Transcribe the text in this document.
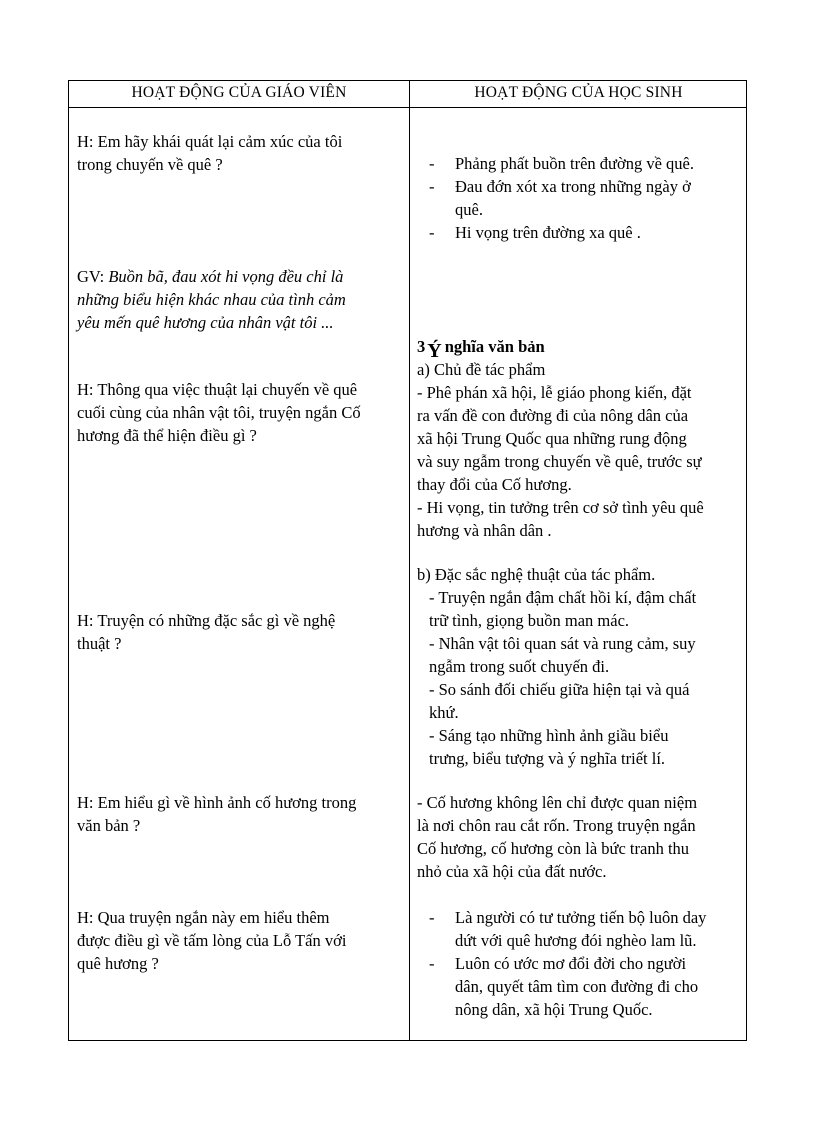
HOẠT ĐỘNG CỦA GIÁO VIÊN	HOẠT ĐỘNG CỦA HỌC SINH
H: Em hãy khái quát lại cảm xúc của tôi
trong chuyến về quê ?
GV: Buồn bã, đau xót hi vọng đều chỉ là
những biểu hiện khác nhau của tình cảm
yêu mến quê hương của nhân vật tôi ...
H: Thông qua việc thuật lại chuyến về quê
cuối cùng của nhân vật tôi, truyện ngắn Cố
hương đã thể hiện điều gì ?
H: Truyện có những đặc sắc gì về nghệ
thuật ?
H: Em hiểu gì về hình ảnh cố hương trong
văn bản ?
H: Qua truyện ngắn này em hiểu thêm
được điều gì về tấm lòng của Lỗ Tấn với
quê hương ?
- Phảng phất buồn trên đường về quê.
- Đau đớn xót xa trong những ngày ở
quê.
- Hi vọng trên đường xa quê .
3 Ý nghĩa văn bản
a) Chủ đề tác phẩm
- Phê phán xã hội, lễ giáo phong kiến, đặt
ra vấn đề con đường đi của nông dân của
xã hội Trung Quốc qua những rung động
và suy ngẫm trong chuyến về quê, trước sự
thay đổi của Cố hương.
- Hi vọng, tin tưởng trên cơ sở tình yêu quê
hương và nhân dân .
b) Đặc sắc nghệ thuật của tác phẩm.
- Truyện ngắn đậm chất hồi kí, đậm chất
trữ tình, giọng buồn man mác.
- Nhân vật tôi quan sát và rung cảm, suy
ngẫm trong suốt chuyến đi.
- So sánh đối chiếu giữa hiện tại và quá
khứ.
- Sáng tạo những hình ảnh giầu biểu
trưng, biểu tượng và ý nghĩa triết lí.
- Cố hương không lên chỉ được quan niệm
là nơi chôn rau cắt rốn. Trong truyện ngắn
Cố hương, cố hương còn là bức tranh thu
nhỏ của xã hội của đất nước.
- Là người có tư tưởng tiến bộ luôn day
dứt với quê hương đói nghèo lam lũ.
- Luôn có ước mơ đổi đời cho người
dân, quyết tâm tìm con đường đi cho
nông dân, xã hội Trung Quốc.
